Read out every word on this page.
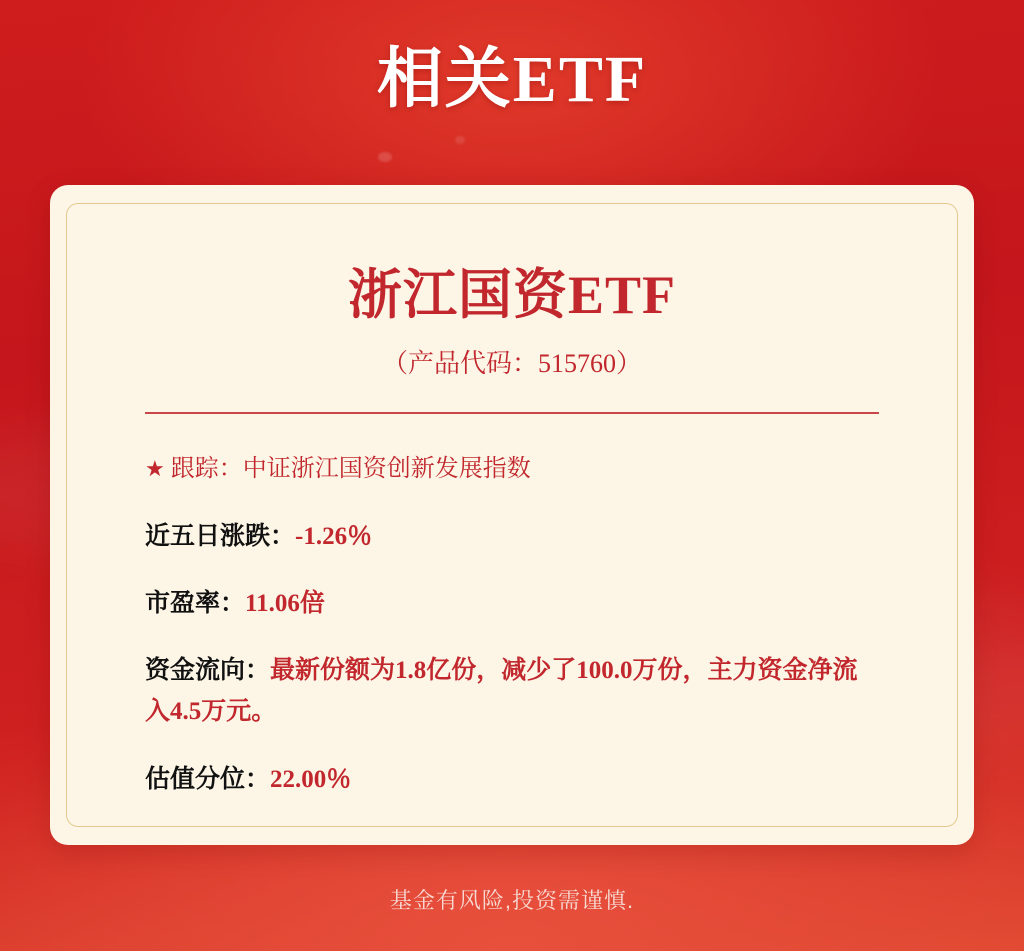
相关ETF
浙江国资ETF
（产品代码：515760）
★ 跟踪：中证浙江国资创新发展指数
近五日涨跌：-1.26％
市盈率：11.06倍
资金流向：最新份额为1.8亿份，减少了100.0万份，主力资金净流入4.5万元。
估值分位：22.00％
基金有风险,投资需谨慎.
